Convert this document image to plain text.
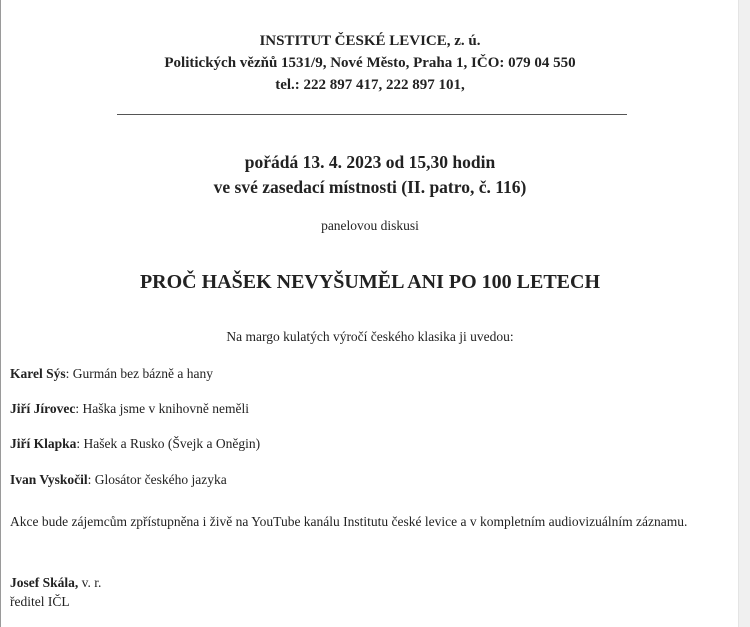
INSTITUT ČESKÉ LEVICE, z. ú.
Politických vězňů 1531/9, Nové Město, Praha 1, IČO: 079 04 550
tel.: 222 897 417, 222 897 101,
pořádá 13. 4. 2023 od 15,30 hodin
ve své zasedací místnosti (II. patro, č. 116)
panelovou diskusi
PROČ HAŠEK NEVYŠUMĚL ANI PO 100 LETECH
Na margo kulatých výročí českého klasika ji uvedou:
Karel Sýs: Gurmán bez bázně a hany
Jiří Jírovec: Haška jsme v knihovně neměli
Jiří Klapka: Hašek a Rusko (Švejk a Oněgin)
Ivan Vyskočil: Glosátor českého jazyka
Akce bude zájemcům zpřístupněna i živě na YouTube kanálu Institutu české levice a v kompletním audiovizuálním záznamu.
Josef Skála, v. r.
ředitel IČL
